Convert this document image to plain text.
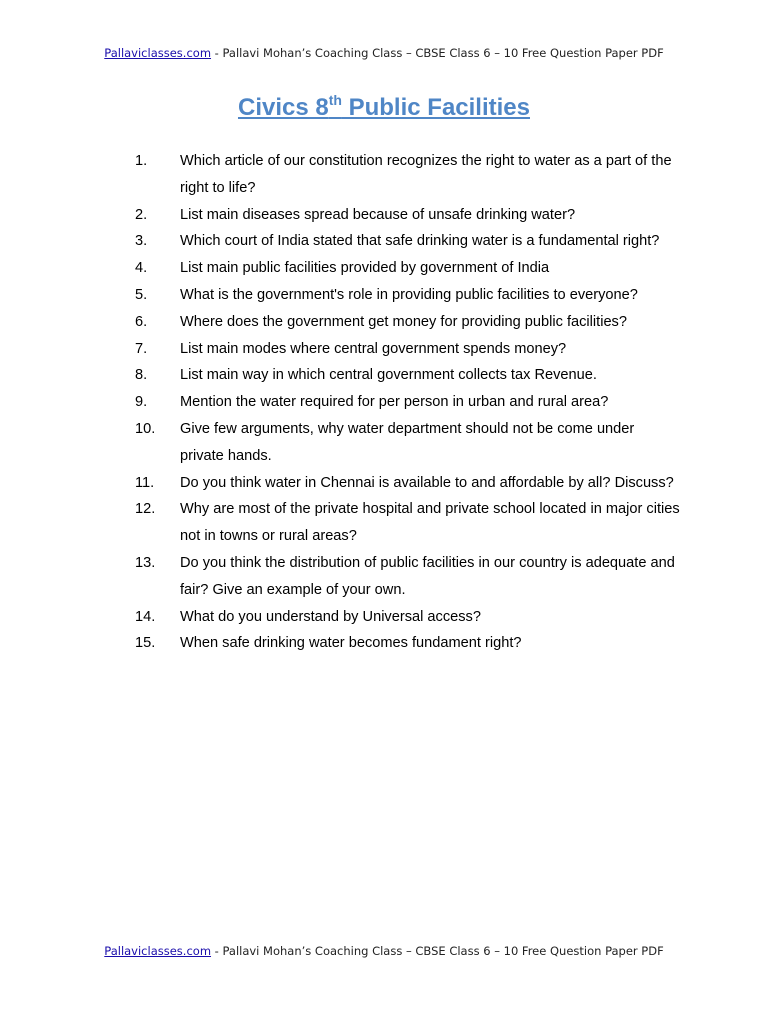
Pallaviclasses.com - Pallavi Mohan’s Coaching Class – CBSE Class 6 – 10 Free Question Paper PDF
Civics 8th Public Facilities
1.	Which article of our constitution recognizes the right to water as a part of the right to life?
2.	List main diseases spread because of unsafe drinking water?
3.	Which court of India stated that safe drinking water is a fundamental right?
4.	List main public facilities provided by government of India
5.	What is the government's role in providing public facilities to everyone?
6.	Where does the government get money for providing public facilities?
7.	List main modes where central government spends money?
8.	List main way in which central government collects tax Revenue.
9.	Mention the water required for per person in urban and rural area?
10.	Give few arguments, why water department should not be come under private hands.
11.	Do you think water in Chennai is available to and affordable by all? Discuss?
12.	Why are most of the private hospital and private school located in major cities not in towns or rural areas?
13.	Do you think the distribution of public facilities in our country is adequate and fair? Give an example of your own.
14.	What do you understand by Universal access?
15.	When safe drinking water becomes fundament right?
Pallaviclasses.com - Pallavi Mohan’s Coaching Class – CBSE Class 6 – 10 Free Question Paper PDF
